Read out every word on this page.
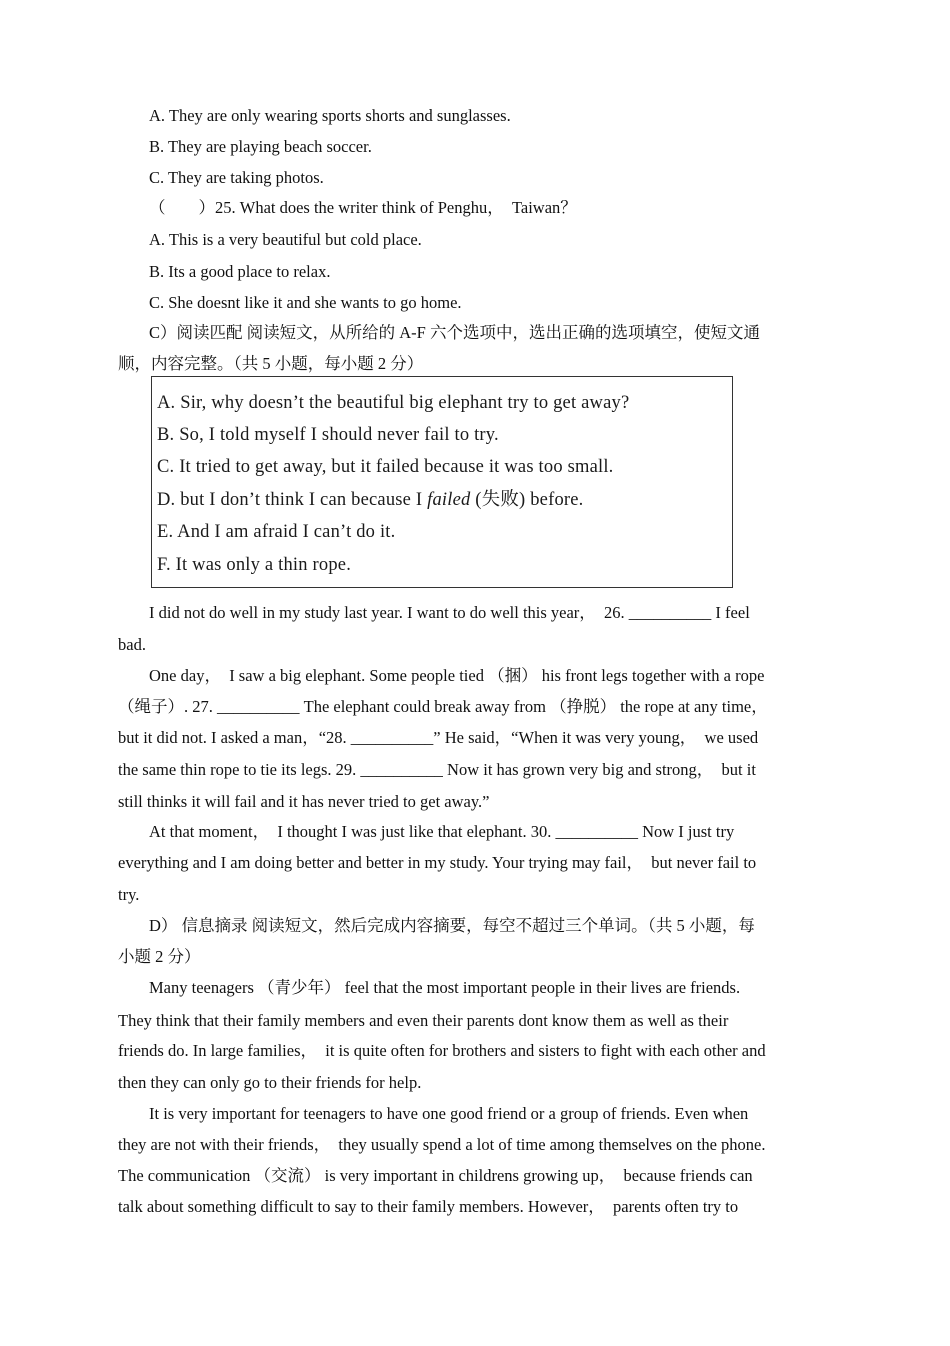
A. They are only wearing sports shorts and sunglasses.

B. They are playing beach soccer.

C. They are taking photos.

（　　）25. What does the writer think of Penghu，　Taiwan？

A. This is a very beautiful but cold place.

B. Its a good place to relax.

C. She doesnt like it and she wants to go home.

C）阅读匹配 阅读短文，从所给的 A-F 六个选项中，选出正确的选项填空，使短文通

顺，内容完整。（共 5 小题，每小题 2 分）

A. Sir, why doesn’t the beautiful big elephant try to get away?
B. So, I told myself I should never fail to try.
C. It tried to get away, but it failed because it was too small.
D. but I don’t think I can because I failed (失败) before.
E. And I am afraid I can’t do it.
F. It was only a thin rope.

I did not do well in my study last year. I want to do well this year，　26. __________ I feel

bad.

One day，　I saw a big elephant. Some people tied （捆） his front legs together with a rope

（绳子）. 27. __________ The elephant could break away from （挣脱） the rope at any time，

but it did not. I asked a man，“28. __________” He said，“When it was very young，　we used

the same thin rope to tie its legs. 29. __________ Now it has grown very big and strong，　but it

still thinks it will fail and it has never tried to get away.”

At that moment，　I thought I was just like that elephant. 30. __________ Now I just try

everything and I am doing better and better in my study. Your trying may fail，　but never fail to

try.

D） 信息摘录 阅读短文，然后完成内容摘要，每空不超过三个单词。（共 5 小题，每

小题 2 分）

Many teenagers （青少年） feel that the most important people in their lives are friends.

They think that their family members and even their parents dont know them as well as their

friends do. In large families，　it is quite often for brothers and sisters to fight with each other and

then they can only go to their friends for help.

It is very important for teenagers to have one good friend or a group of friends. Even when

they are not with their friends，　they usually spend a lot of time among themselves on the phone.

The communication （交流） is very important in childrens growing up，　because friends can

talk about something difficult to say to their family members. However，　parents often try to
